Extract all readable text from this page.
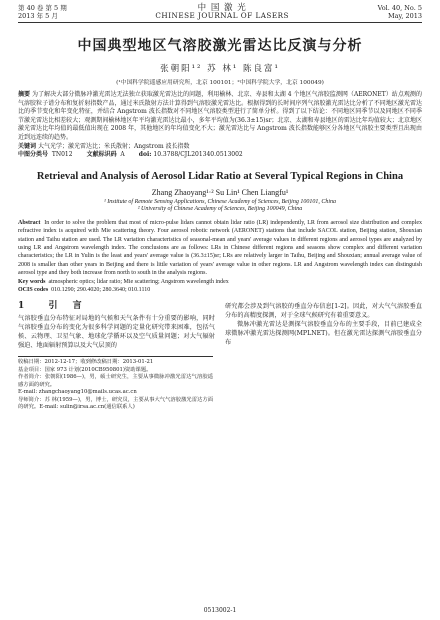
第 40 卷 第 5 期
2013 年 5 月
中 国 激 光
CHINESE JOURNAL OF LASERS
Vol. 40, No. 5
May, 2013
中国典型地区气溶胶激光雷达比反演与分析
张朝阳¹² 苏 林¹ 陈良富¹
(¹中国科学院遥感应用研究所，北京 100101；²中国科学院大学，北京 100049)
摘要 为了解决大部分微脉冲激光雷达无法独立获取激光雷达比的问题，利用榆林、北京、寿县和太湖 4 个地区气溶胶监测网（AERONET）站点观测的气溶胶粒子谱分布和复折射指数产品，通过米氏散射方法计算得到气溶胶激光雷达比。根据得到的长时间序列气溶胶激光雷达比分析了不同地区激光雷达比的季节变化和年变化特征，并结合 Angstrom 波长指数对不同地区气溶胶类型进行了简单分析。得到了以下结论：不同地区同季节以及同地区不同季节激光雷达比相差较大；观测期间榆林地区年平均激光雷达比最小，多年平均值为(36.3±15)sr；北京、太湖和寿县地区的雷达比年均值较大；北京地区激光雷达比年均值的最低值出现在 2008 年，其他地区的年均值变化不大；激光雷达比与 Angstrom 波长指数能够区分各地区气溶胶主要类型且出现由近到远连续的趋势。
关键词 大气光学；激光雷达比；米氏散射；Angstrom 波长指数
中图分类号 TN012 文献标识码 A doi: 10.3788/CJL201340.0513002
Retrieval and Analysis of Aerosol Lidar Ratio at Several Typical Regions in China
Zhang Zhaoyang¹·² Su Lin¹ Chen Liangfu¹
¹ Institute of Remote Sensing Applications, Chinese Academy of Sciences, Beijing 100101, China
² University of Chinese Academy of Sciences, Beijing 100049, China
Abstract In order to solve the problem that most of micro-pulse lidars cannot obtain lidar ratio (LR) independently, LR from aerosol size distribution and complex refractive index is acquired with Mie scattering theory. Four aerosol robotic network (AERONET) stations that include SACOL station, Beijing station, Shouxian station and Taihu station are used. The LR variation characteristics of seasonal-mean and years' average values in different regions and aerosol types are analyzed by using LR and Angstrom wavelength index. The conclusions are as follows: LRs in Chinese different regions and seasons show complex and different variation characteristics; the LR in Yulin is the least and years' average value is (36.3±15)sr; LRs are relatively larger in Taihu, Beijing and Shouxian; annual average value of 2008 is smaller than other years in Beijing and there is little variation of years' average value in other regions. LR and Angstrom wavelength index can distinguish aerosol type and they both increase from north to south in the analysis regions.
Key words atmospheric optics; lidar ratio; Mie scattering; Angstrom wavelength index
OCIS codes 010.1290; 290.4020; 280.3640; 010.1110
1 引 言
气溶胶垂直分布特征对局地的气候和天气条件有十分重要的影响，同时气溶胶垂直分布的变化为很多科学问题的定量化研究带来困难，包括气候、云物理、卫星气象、地球化学循环以及空气质量问题；对大气辐射强迫、地面辐射预算以及大气层顶的
收稿日期：2012-12-17；收到修改稿日期：2013-01-21
基金项目：国家 973 计划(2010CB950801)资助课题。
作者简介：张朝阳(1986—)，男，硕士研究生，主要从事微脉冲激光雷达气溶胶遥感方面的研究。
E-mail: zhangchaoyang10@mails.ucas.ac.cn
导师简介：苏 林(1959—)，男，博士，研究员，主要从事大气气溶胶激光雷达方面的研究。E-mail: sulin@irsa.ac.cn(通信联系人)
研究都会涉及到气溶胶的垂直分布信息[1-2]。因此，对大气气溶胶垂直分布的高精度探测，对于全球气候研究有着重要意义。
微脉冲激光雷达是测探气溶胶垂直分布的主要手段，目前已建成全球微脉冲激光雷达探测网(MPLNET)。但在激光雷达探测气溶胶垂直分布
0513002-1
